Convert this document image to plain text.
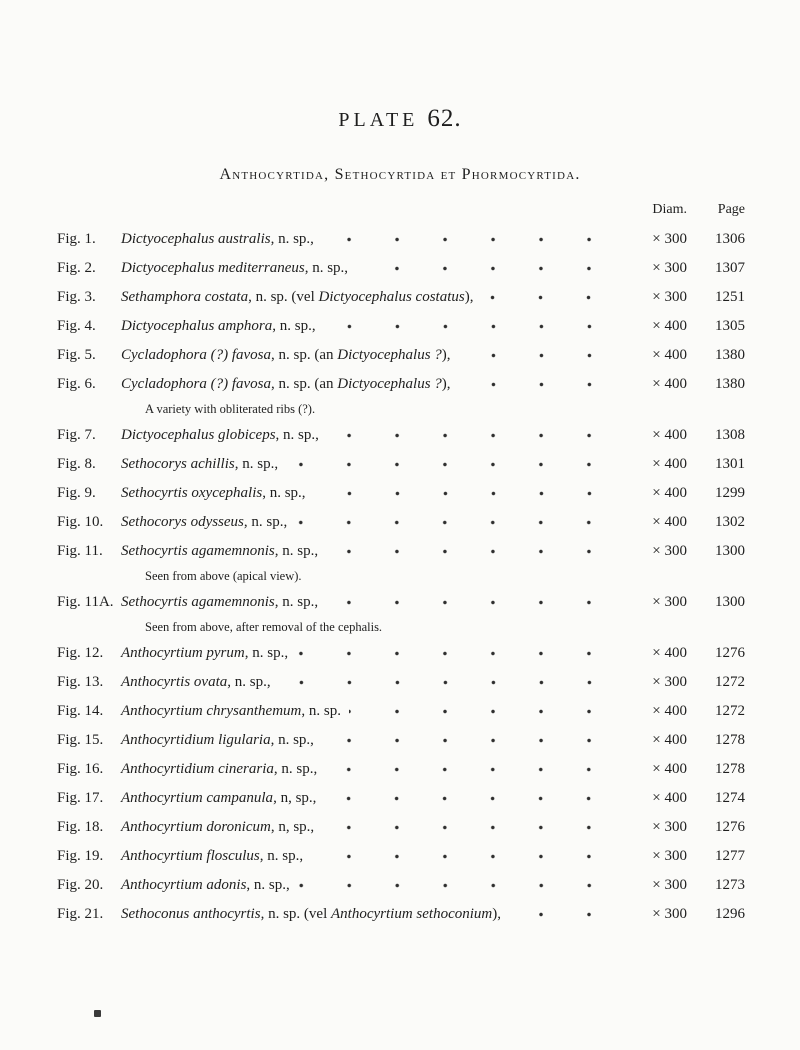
PLATE 62.
Anthocyrtida, Sethocyrtida et Phormocyrtida.
Diam.	Page
Fig. 1.	Dictyocephalus australis, n. sp.,	× 300	1306
Fig. 2.	Dictyocephalus mediterraneus, n. sp.,	× 300	1307
Fig. 3.	Sethamphora costata, n. sp. (vel Dictyocephalus costatus),	× 300	1251
Fig. 4.	Dictyocephalus amphora, n. sp.,	× 400	1305
Fig. 5.	Cycladophora (?) favosa, n. sp. (an Dictyocephalus ?),	× 400	1380
Fig. 6.	Cycladophora (?) favosa, n. sp. (an Dictyocephalus ?),	× 400	1380
A variety with obliterated ribs (?).
Fig. 7.	Dictyocephalus globiceps, n. sp.,	× 400	1308
Fig. 8.	Sethocorys achillis, n. sp.,	× 400	1301
Fig. 9.	Sethocyrtis oxycephalis, n. sp.,	× 400	1299
Fig. 10.	Sethocorys odysseus, n. sp.,	× 400	1302
Fig. 11.	Sethocyrtis agamemnonis, n. sp.,	× 300	1300
Seen from above (apical view).
Fig. 11A. Sethocyrtis agamemnonis, n. sp.,	× 300	1300
Seen from above, after removal of the cephalis.
Fig. 12.	Anthocyrtium pyrum, n. sp.,	× 400	1276
Fig. 13.	Anthocyrtis ovata, n. sp.,	× 300	1272
Fig. 14.	Anthocyrtium chrysanthemum, n. sp.	× 400	1272
Fig. 15.	Anthocyrtidium ligularia, n. sp.,	× 400	1278
Fig. 16.	Anthocyrtidium cineraria, n. sp.,	× 400	1278
Fig. 17.	Anthocyrtium campanula, n, sp.,	× 400	1274
Fig. 18.	Anthocyrtium doronicum, n, sp.,	× 300	1276
Fig. 19.	Anthocyrtium flosculus, n. sp.,	× 300	1277
Fig. 20.	Anthocyrtium adonis, n. sp.,	× 300	1273
Fig. 21.	Sethoconus anthocyrtis, n. sp. (vel Anthocyrtium sethoconium),	× 300	1296
